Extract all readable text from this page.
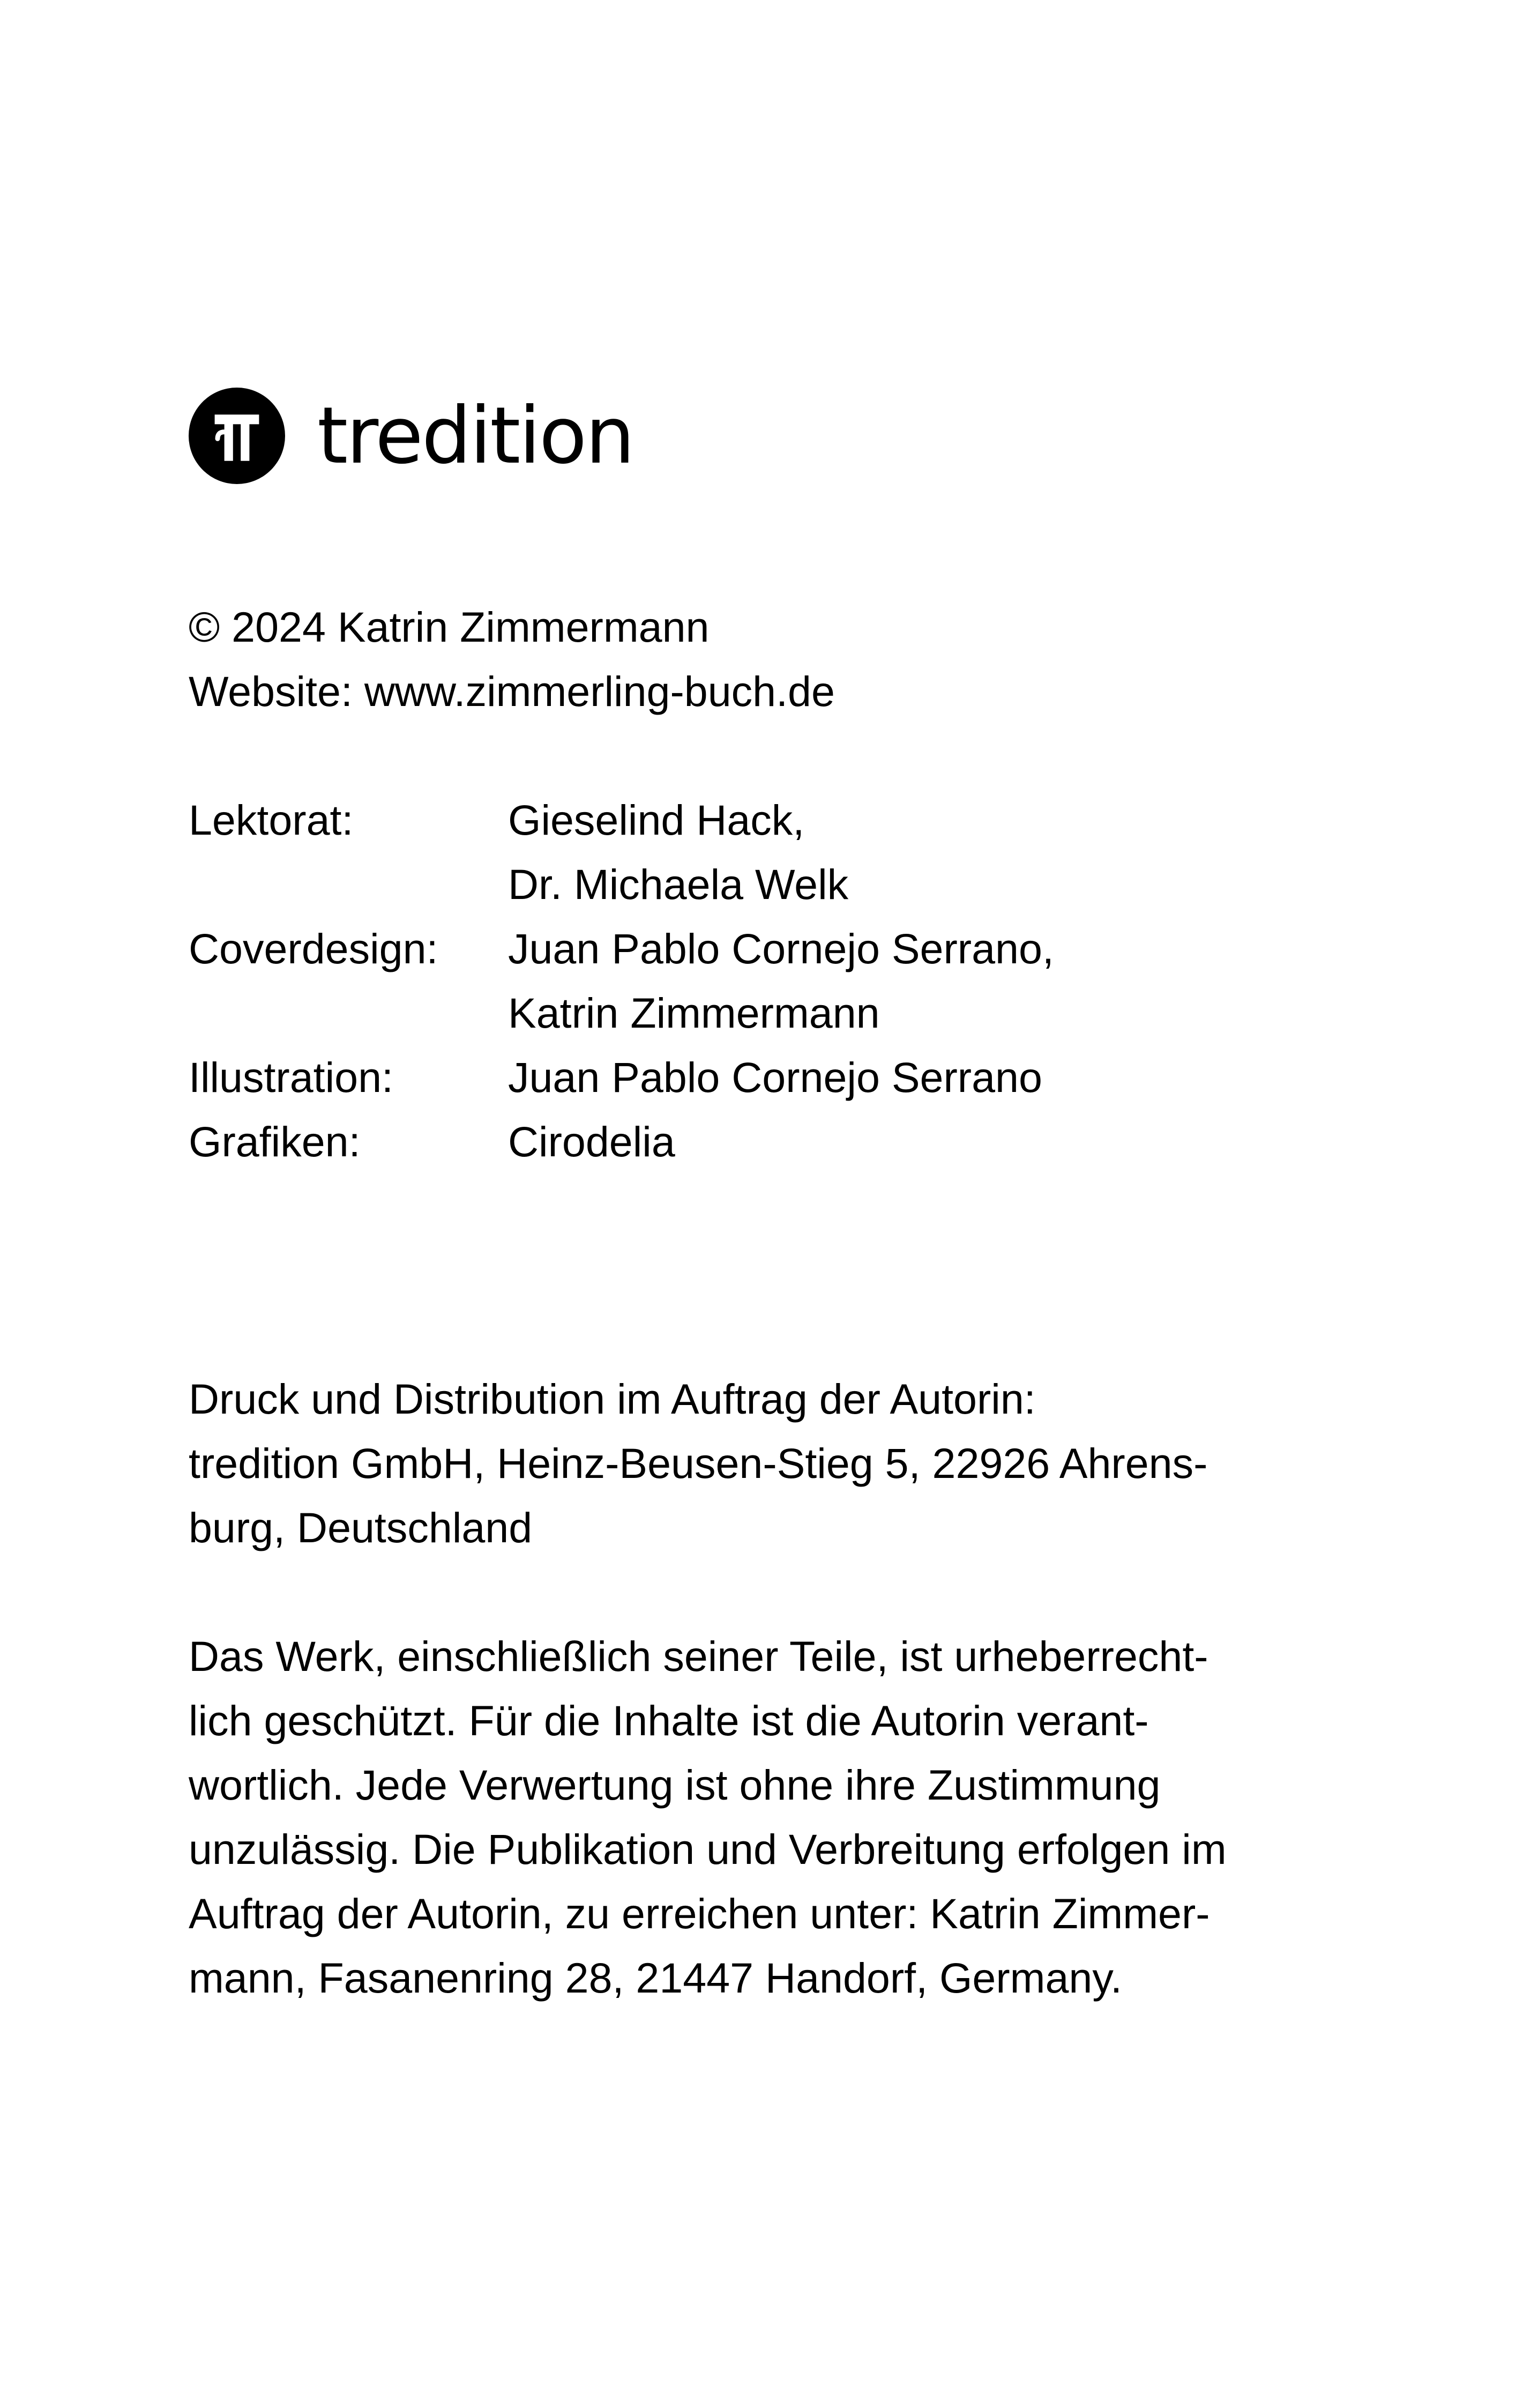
tredition
© 2024 Katrin Zimmermann
Website: www.zimmerling-buch.de
Lektorat:	Gieselind Hack,
Dr. Michaela Welk
Coverdesign:	Juan Pablo Cornejo Serrano,
Katrin Zimmermann
Illustration:	Juan Pablo Cornejo Serrano
Grafiken:	Cirodelia
Druck und Distribution im Auftrag der Autorin:
tredition GmbH, Heinz-Beusen-Stieg 5, 22926 Ahrens-
burg, Deutschland
Das Werk, einschließlich seiner Teile, ist urheberrecht-
lich geschützt. Für die Inhalte ist die Autorin verant-
wortlich. Jede Verwertung ist ohne ihre Zustimmung
unzulässig. Die Publikation und Verbreitung erfolgen im
Auftrag der Autorin, zu erreichen unter: Katrin Zimmer-
mann, Fasanenring 28, 21447 Handorf, Germany.
